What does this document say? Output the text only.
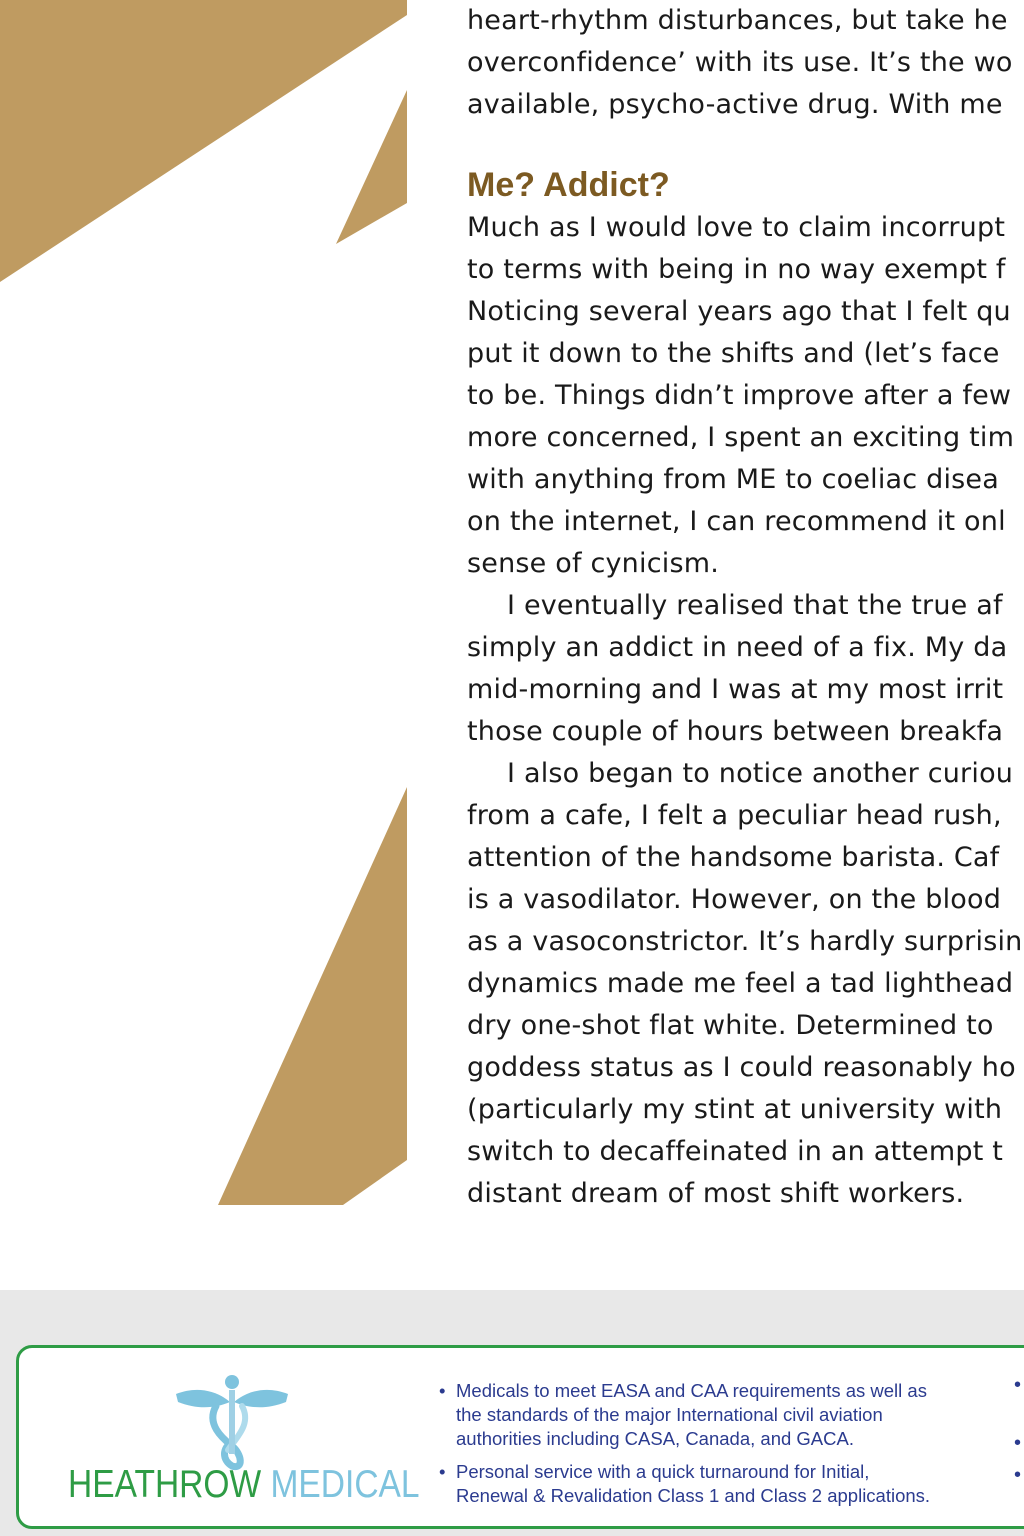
heart-rhythm disturbances, but take he
overconfidence’ with its use. It’s the wo
available, psycho-active drug. With me
Much as I would love to claim incorrupt
to terms with being in no way exempt f
Noticing several years ago that I felt qu
put it down to the shifts and (let’s face
to be. Things didn’t improve after a few
more concerned, I spent an exciting tim
with anything from ME to coeliac disea
on the internet, I can recommend it onl
sense of cynicism.
I eventually realised that the true af
simply an addict in need of a fix. My da
mid-morning and I was at my most irrit
those couple of hours between breakfa
I also began to notice another curiou
from a cafe, I felt a peculiar head rush,
attention of the handsome barista. Caf
is a vasodilator. However, on the blood
as a vasoconstrictor. It’s hardly surprisin
dynamics made me feel a tad lighthead
dry one-shot flat white. Determined to
goddess status as I could reasonably ho
(particularly my stint at university with
switch to decaffeinated in an attempt t
distant dream of most shift workers.
Me? Addict?
HEATHROW MEDICAL
• Medicals to meet EASA and CAA requirements as well as
the standards of the major International civil aviation
authorities including CASA, Canada, and GACA.
• Personal service with a quick turnaround for Initial,
Renewal & Revalidation Class 1 and Class 2 applications.
•
•
•
